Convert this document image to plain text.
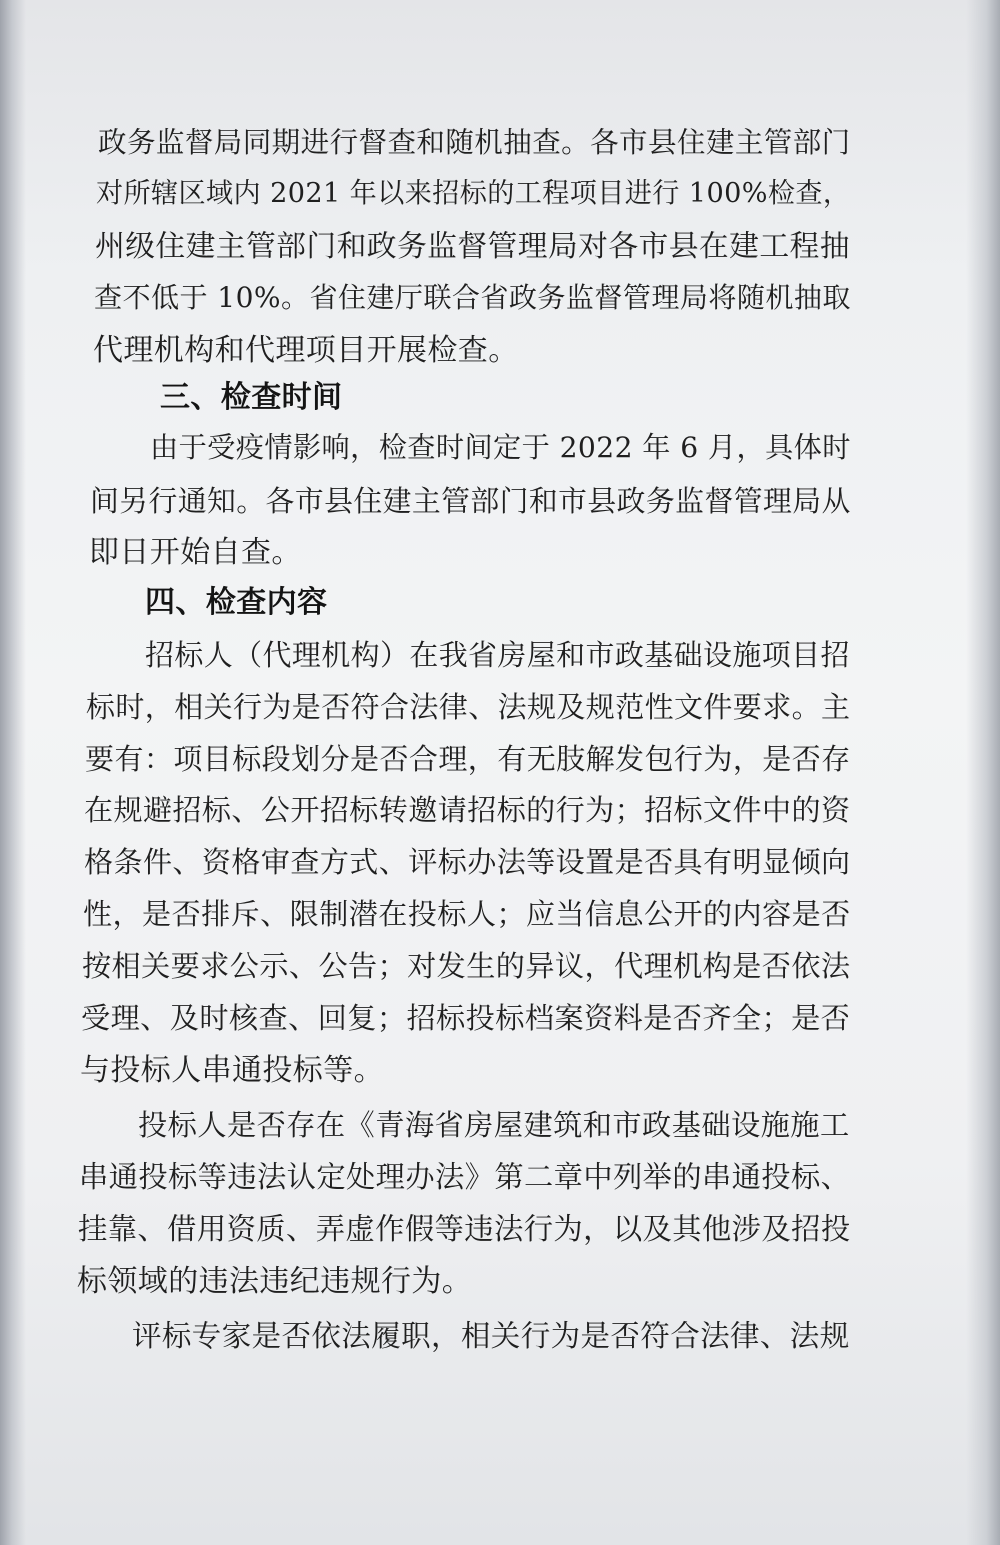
政务监督局同期进行督查和随机抽查。各市县住建主管部门
对所辖区域内 2021 年以来招标的工程项目进行 100%检查，
州级住建主管部门和政务监督管理局对各市县在建工程抽
查不低于 10%。省住建厅联合省政务监督管理局将随机抽取
代理机构和代理项目开展检查。
三、检查时间
由于受疫情影响，检查时间定于 2022 年 6 月，具体时
间另行通知。各市县住建主管部门和市县政务监督管理局从
即日开始自查。
四、检查内容
招标人（代理机构）在我省房屋和市政基础设施项目招
标时，相关行为是否符合法律、法规及规范性文件要求。主
要有：项目标段划分是否合理，有无肢解发包行为，是否存
在规避招标、公开招标转邀请招标的行为；招标文件中的资
格条件、资格审查方式、评标办法等设置是否具有明显倾向
性，是否排斥、限制潜在投标人；应当信息公开的内容是否
按相关要求公示、公告；对发生的异议，代理机构是否依法
受理、及时核查、回复；招标投标档案资料是否齐全；是否
与投标人串通投标等。
投标人是否存在《青海省房屋建筑和市政基础设施施工
串通投标等违法认定处理办法》第二章中列举的串通投标、
挂靠、借用资质、弄虚作假等违法行为，以及其他涉及招投
标领域的违法违纪违规行为。
评标专家是否依法履职，相关行为是否符合法律、法规
